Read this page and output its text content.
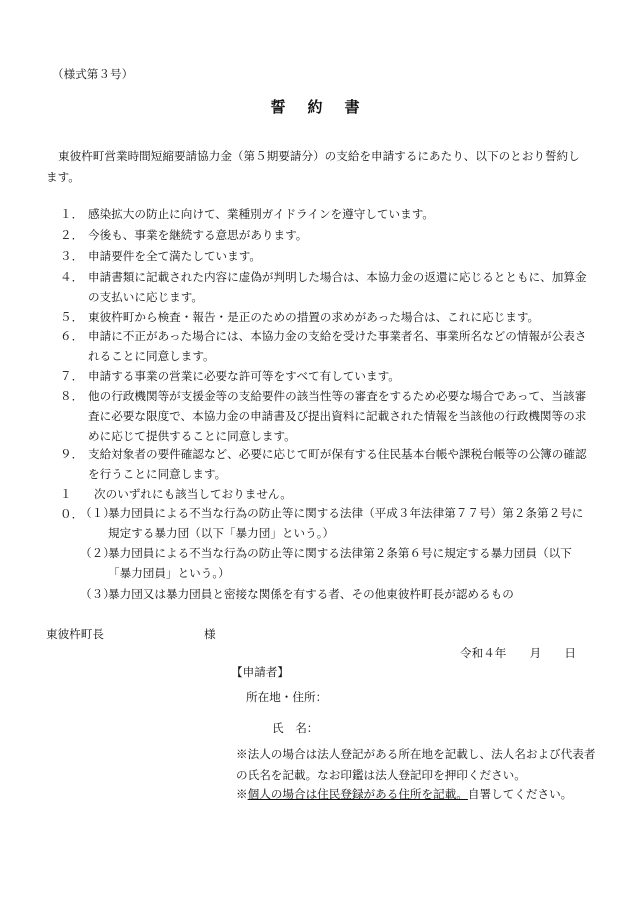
（様式第３号）
誓約書
東彼杵町営業時間短縮要請協力金（第５期要請分）の支給を申請するにあたり、以下のとおり誓約します。
１． 感染拡大の防止に向けて、業種別ガイドラインを遵守しています。
２． 今後も、事業を継続する意思があります。
３． 申請要件を全て満たしています。
４． 申請書類に記載された内容に虚偽が判明した場合は、本協力金の返還に応じるとともに、加算金の支払いに応じます。
５． 東彼杵町から検査・報告・是正のための措置の求めがあった場合は、これに応じます。
６． 申請に不正があった場合には、本協力金の支給を受けた事業者名、事業所名などの情報が公表されることに同意します。
７． 申請する事業の営業に必要な許可等をすべて有しています。
８． 他の行政機関等が支援金等の支給要件の該当性等の審査をするため必要な場合であって、当該審査に必要な限度で、本協力金の申請書及び提出資料に記載された情報を当該他の行政機関等の求めに応じて提供することに同意します。
９． 支給対象者の要件確認など、必要に応じて町が保有する住民基本台帳や課税台帳等の公簿の確認を行うことに同意します。
１０．
次のいずれにも該当しておりません。
（１）
暴力団員による不当な行為の防止等に関する法律（平成３年法律第７７号）第２条第２号に規定する暴力団（以下「暴力団」という。）
（２）
暴力団員による不当な行為の防止等に関する法律第２条第６号に規定する暴力団員（以下「暴力団員」という。）
（３）
暴力団又は暴力団員と密接な関係を有する者、その他東彼杵町長が認めるもの
東彼杵町長	様
令和４年　　月　　日
【申請者】
所在地・住所：
氏　名：
※法人の場合は法人登記がある所在地を記載し、法人名および代表者の氏名を記載。なお印鑑は法人登記印を押印ください。
※個人の場合は住民登録がある住所を記載。自署してください。
